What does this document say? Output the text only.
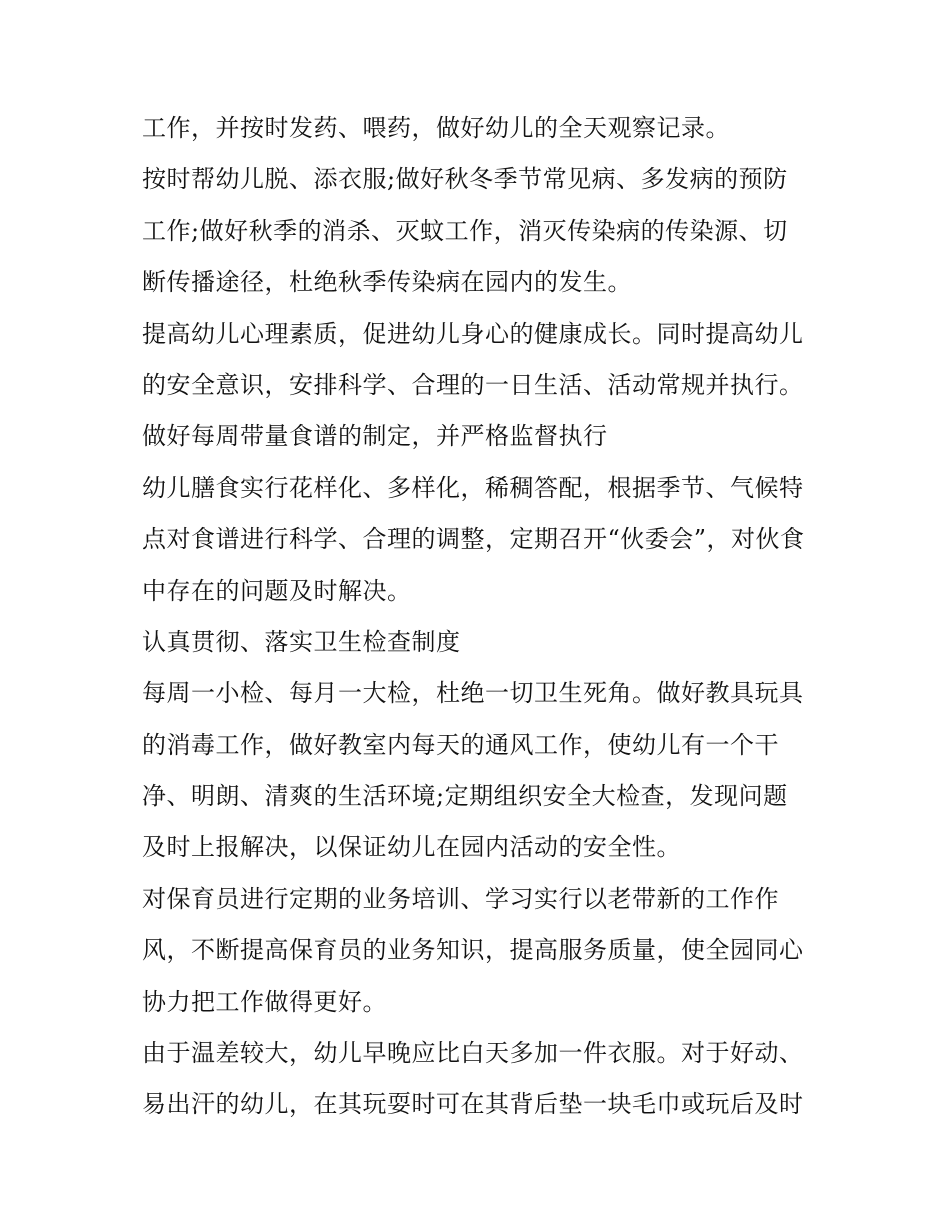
工作，并按时发药、喂药，做好幼儿的全天观察记录。
按时帮幼儿脱、添衣服;做好秋冬季节常见病、多发病的预防
工作;做好秋季的消杀、灭蚊工作，消灭传染病的传染源、切
断传播途径，杜绝秋季传染病在园内的发生。
提高幼儿心理素质，促进幼儿身心的健康成长。同时提高幼儿
的安全意识，安排科学、合理的一日生活、活动常规并执行。
做好每周带量食谱的制定，并严格监督执行
幼儿膳食实行花样化、多样化，稀稠答配，根据季节、气候特
点对食谱进行科学、合理的调整，定期召开“伙委会”，对伙食
中存在的问题及时解决。
认真贯彻、落实卫生检查制度
每周一小检、每月一大检，杜绝一切卫生死角。做好教具玩具
的消毒工作，做好教室内每天的通风工作，使幼儿有一个干
净、明朗、清爽的生活环境;定期组织安全大检查，发现问题
及时上报解决，以保证幼儿在园内活动的安全性。
对保育员进行定期的业务培训、学习实行以老带新的工作作
风，不断提高保育员的业务知识，提高服务质量，使全园同心
协力把工作做得更好。
由于温差较大，幼儿早晚应比白天多加一件衣服。对于好动、
易出汗的幼儿，在其玩耍时可在其背后垫一块毛巾或玩后及时
